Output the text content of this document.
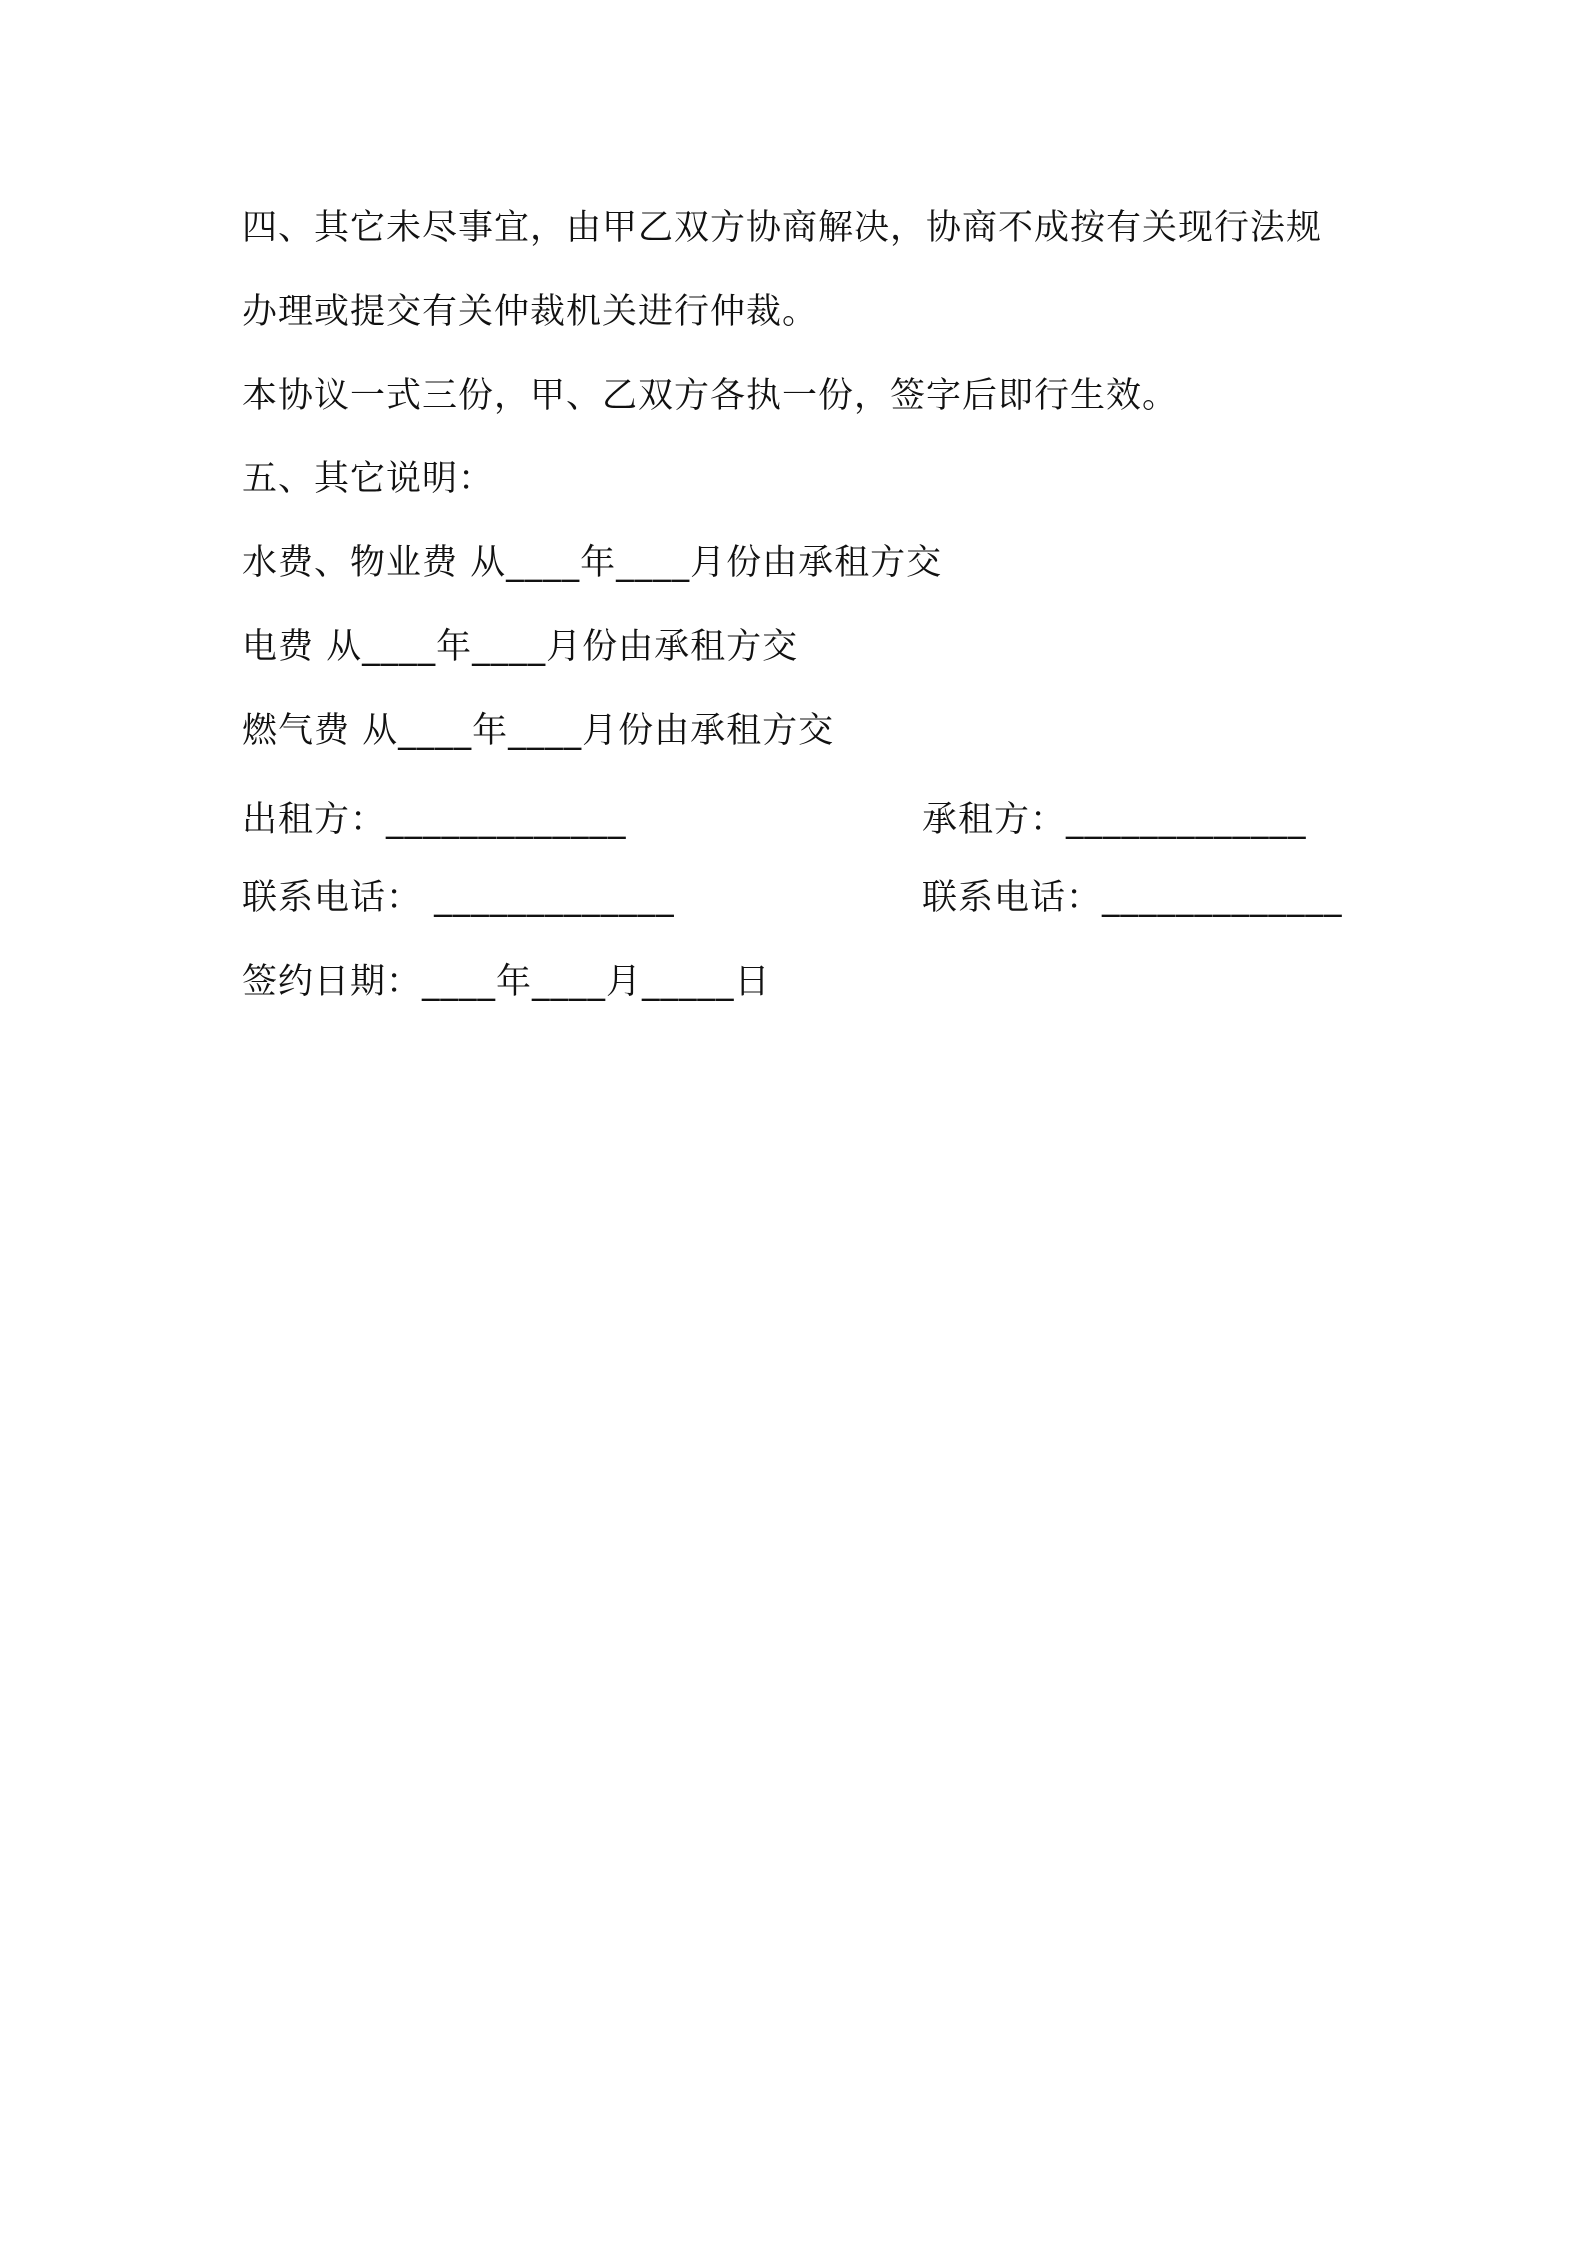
四、其它未尽事宜，由甲乙双方协商解决，协商不成按有关现行法规
办理或提交有关仲裁机关进行仲裁。
本协议一式三份，甲、乙双方各执一份，签字后即行生效。
五、其它说明：
水费、物业费 从____年____月份由承租方交
电费 从____年____月份由承租方交
燃气费 从____年____月份由承租方交
出租方：_____________	承租方：_____________
联系电话： _____________	联系电话：_____________
签约日期：____年____月_____日
